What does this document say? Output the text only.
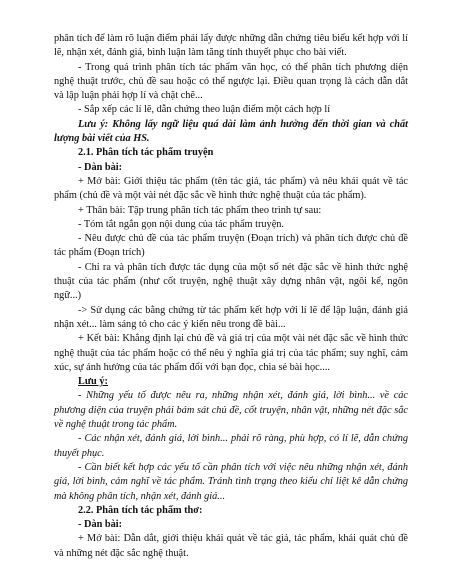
phân tích để làm rõ luận điểm phải lấy được những dẫn chứng tiêu biểu kết hợp với lí lẽ, nhận xét, đánh giá, bình luận làm tăng tính thuyết phục cho bài viết.

- Trong quá trình phân tích tác phẩm văn học, có thể phân tích phương diện nghệ thuật trước, chủ đề sau hoặc có thể ngược lại. Điều quan trọng là cách dẫn dắt và lập luận phải hợp lí và chặt chẽ...

- Sắp xếp các lí lẽ, dẫn chứng theo luận điểm một cách hợp lí

Lưu ý: Không lấy ngữ liệu quá dài làm ảnh hưởng đến thời gian và chất lượng bài viết của HS.

2.1. Phân tích tác phẩm truyện

- Dàn bài:

+ Mở bài: Giới thiệu tác phẩm (tên tác giả, tác phẩm) và nêu khái quát về tác phẩm (chủ đề và một vài nét đặc sắc về hình thức nghệ thuật của tác phẩm).

+ Thân bài: Tập trung phân tích tác phẩm theo trình tự sau:

- Tóm tắt ngắn gọn nội dung của tác phẩm truyện.

- Nêu được chủ đề của tác phẩm truyện (Đoạn trích) và phân tích được chủ đề tác phẩm (Đoạn trích)

- Chỉ ra và phân tích được tác dụng của một số nét đặc sắc về hình thức nghệ thuật của tác phẩm (như cốt truyện, nghệ thuật xây dựng nhân vật, ngôi kể, ngôn ngữ...)

-> Sử dụng các bằng chứng từ tác phẩm kết hợp với lí lẽ để lập luận, đánh giá nhận xét... làm sáng tỏ cho các ý kiến nêu trong đề bài...

+ Kết bài: Khẳng định lại chủ đề và giá trị của một vài nét đặc sắc về hình thức nghệ thuật của tác phẩm hoặc có thể nêu ý nghĩa giá trị của tác phẩm; suy nghĩ, cảm xúc, sự ảnh hưởng của tác phẩm đối với bạn đọc, chia sẻ bài học....

Lưu ý:

- Những yếu tố được nêu ra, những nhận xét, đánh giá, lời bình... về các phương diện của truyện phải bám sát chủ đề, cốt truyện, nhân vật, những nét đặc sắc về nghệ thuật trong tác phẩm.

- Các nhận xét, đánh giá, lời bình... phải rõ ràng, phù hợp, có lí lẽ, dẫn chứng thuyết phục.

- Cần biết kết hợp các yếu tố cần phân tích với việc nêu những nhận xét, đánh giá, lời bình, cảm nghĩ về tác phẩm. Tránh tình trạng theo kiểu chỉ liệt kê dẫn chứng mà không phân tích, nhận xét, đánh giá...

2.2. Phân tích tác phẩm thơ:

- Dàn bài:

+ Mở bài: Dẫn dắt, giới thiệu khái quát về tác giả, tác phẩm, khái quát chủ đề và những nét đặc sắc nghệ thuật.
